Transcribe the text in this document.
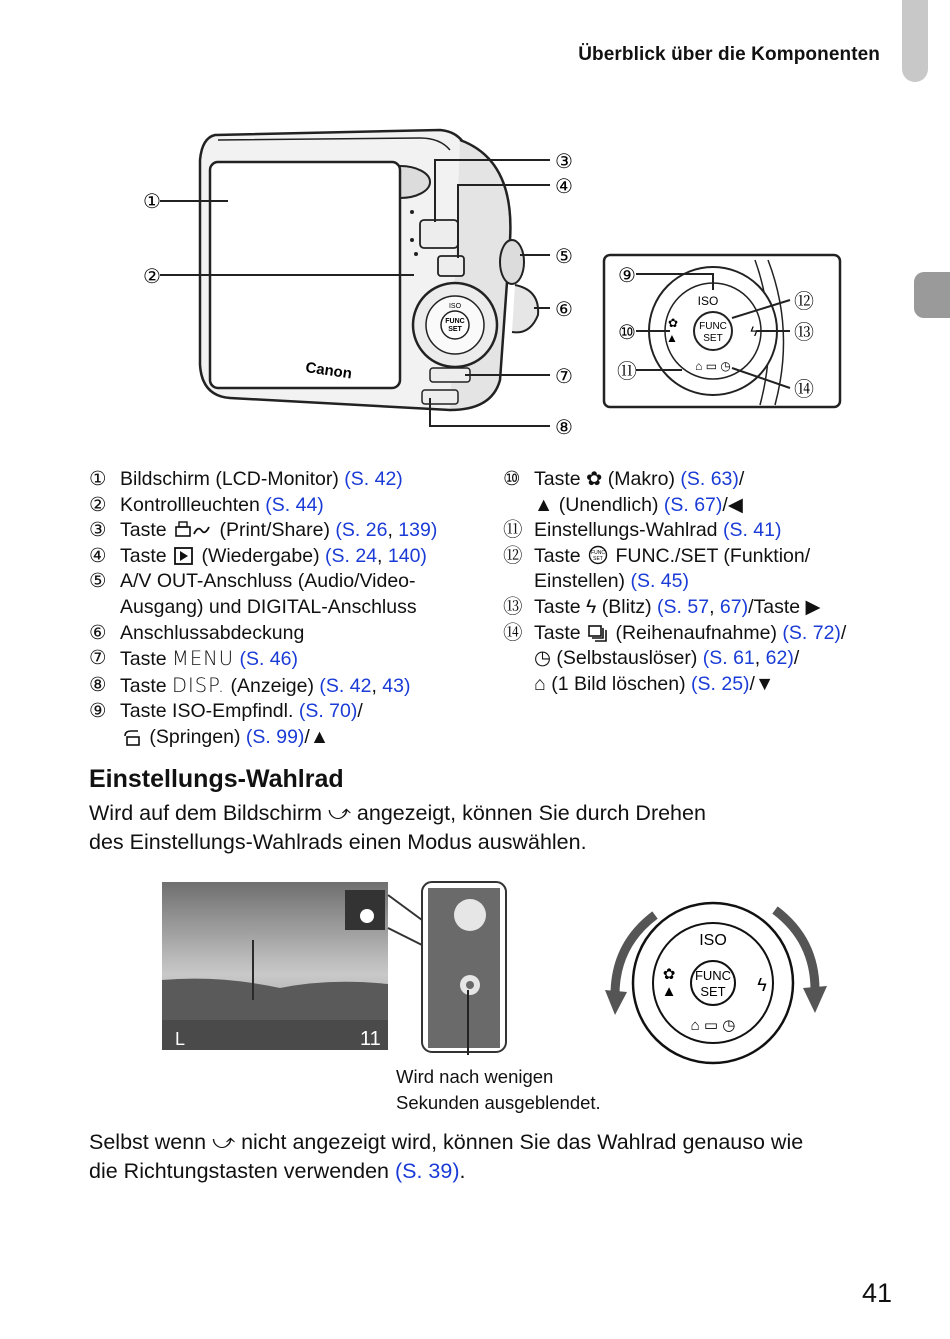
Überblick über die Komponenten
FUNC
SET
ISO
Canon
FUNC
SET
ISO
ϟ
✿
▲
⌂ ▭ ◷
①
②
③
④
⑤
⑥
⑦
⑧
⑨
⑩
⑪
⑫
⑬
⑭
① Bildschirm (LCD-Monitor) (S. 42)
② Kontrollleuchten (S. 44)
③ Taste  (Print/Share) (S. 26, 139)
④ Taste  (Wiedergabe) (S. 24, 140)
⑤ A/V OUT-Anschluss (Audio/Video-
Ausgang) und DIGITAL-Anschluss
⑥ Anschlussabdeckung
⑦ Taste MENU (S. 46)
⑧ Taste DISP. (Anzeige) (S. 42, 43)
⑨ Taste ISO-Empfindl. (S. 70)/
(Springen) (S. 99)/▲
⑩ Taste ✿ (Makro) (S. 63)/
▲ (Unendlich) (S. 67)/◀
⑪ Einstellungs-Wahlrad (S. 41)
⑫ Taste FUNC
SET FUNC./SET (Funktion/
Einstellen) (S. 45)
⑬ Taste ϟ (Blitz) (S. 57, 67)/Taste ▶
⑭ Taste  (Reihenaufnahme) (S. 72)/
◷ (Selbstauslöser) (S. 61, 62)/
⌂ (1 Bild löschen) (S. 25)/▼
Einstellungs-Wahlrad
Wird auf dem Bildschirm ⤻ angezeigt, können Sie durch Drehen
des Einstellungs-Wahlrads einen Modus auswählen.
L	11
FUNC
SET
ISO
ϟ
✿
▲
⌂ ▭ ◷
Wird nach wenigen
Sekunden ausgeblendet.
Selbst wenn ⤻ nicht angezeigt wird, können Sie das Wahlrad genauso wie
die Richtungstasten verwenden (S. 39).
41
